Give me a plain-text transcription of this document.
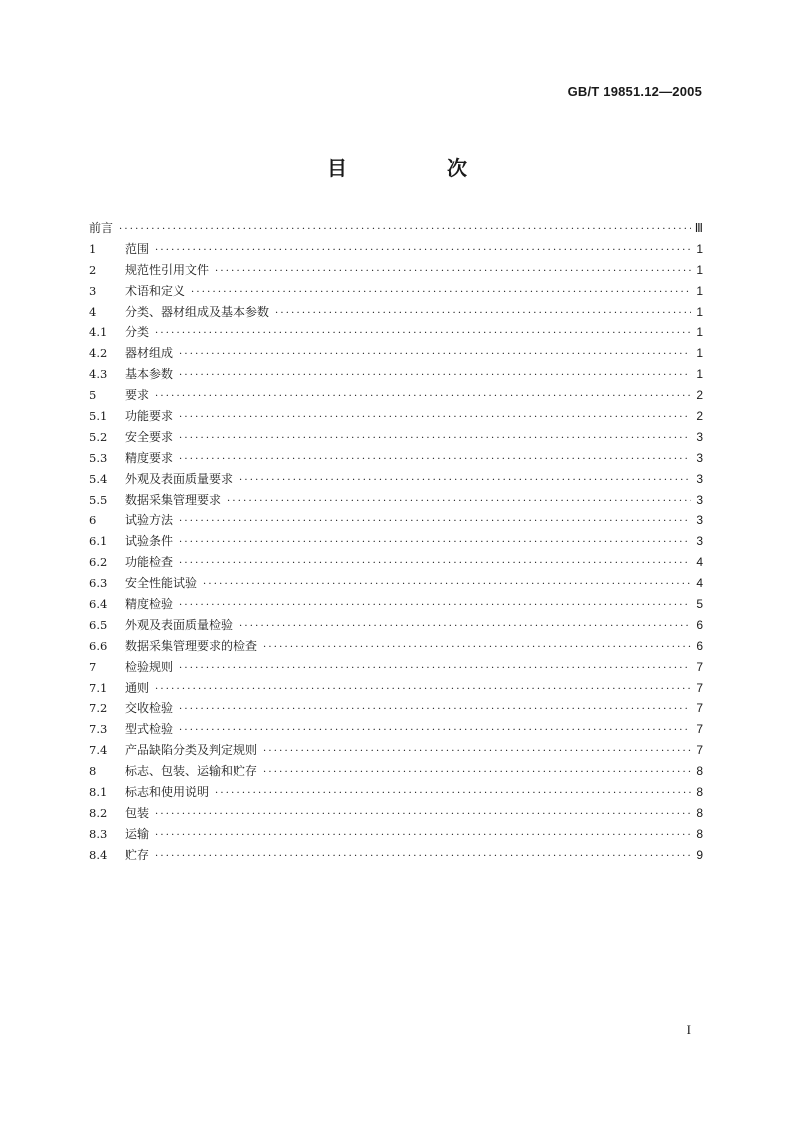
GB/T 19851.12—2005
目　次
前言 ·····	Ⅲ
1	范围 ·····	1
2	规范性引用文件 ·····	1
3	术语和定义 ·····	1
4	分类、器材组成及基本参数 ·····	1
4.1	分类 ·····	1
4.2	器材组成 ·····	1
4.3	基本参数 ·····	1
5	要求 ·····	2
5.1	功能要求 ·····	2
5.2	安全要求 ·····	3
5.3	精度要求 ·····	3
5.4	外观及表面质量要求 ·····	3
5.5	数据采集管理要求 ·····	3
6	试验方法 ·····	3
6.1	试验条件 ·····	3
6.2	功能检查 ·····	4
6.3	安全性能试验 ·····	4
6.4	精度检验 ·····	5
6.5	外观及表面质量检验 ·····	6
6.6	数据采集管理要求的检查 ·····	6
7	检验规则 ·····	7
7.1	通则 ·····	7
7.2	交收检验 ·····	7
7.3	型式检验 ·····	7
7.4	产品缺陷分类及判定规则 ·····	7
8	标志、包装、运输和贮存 ·····	8
8.1	标志和使用说明 ·····	8
8.2	包装 ·····	8
8.3	运输 ·····	8
8.4	贮存 ·····	9
I
